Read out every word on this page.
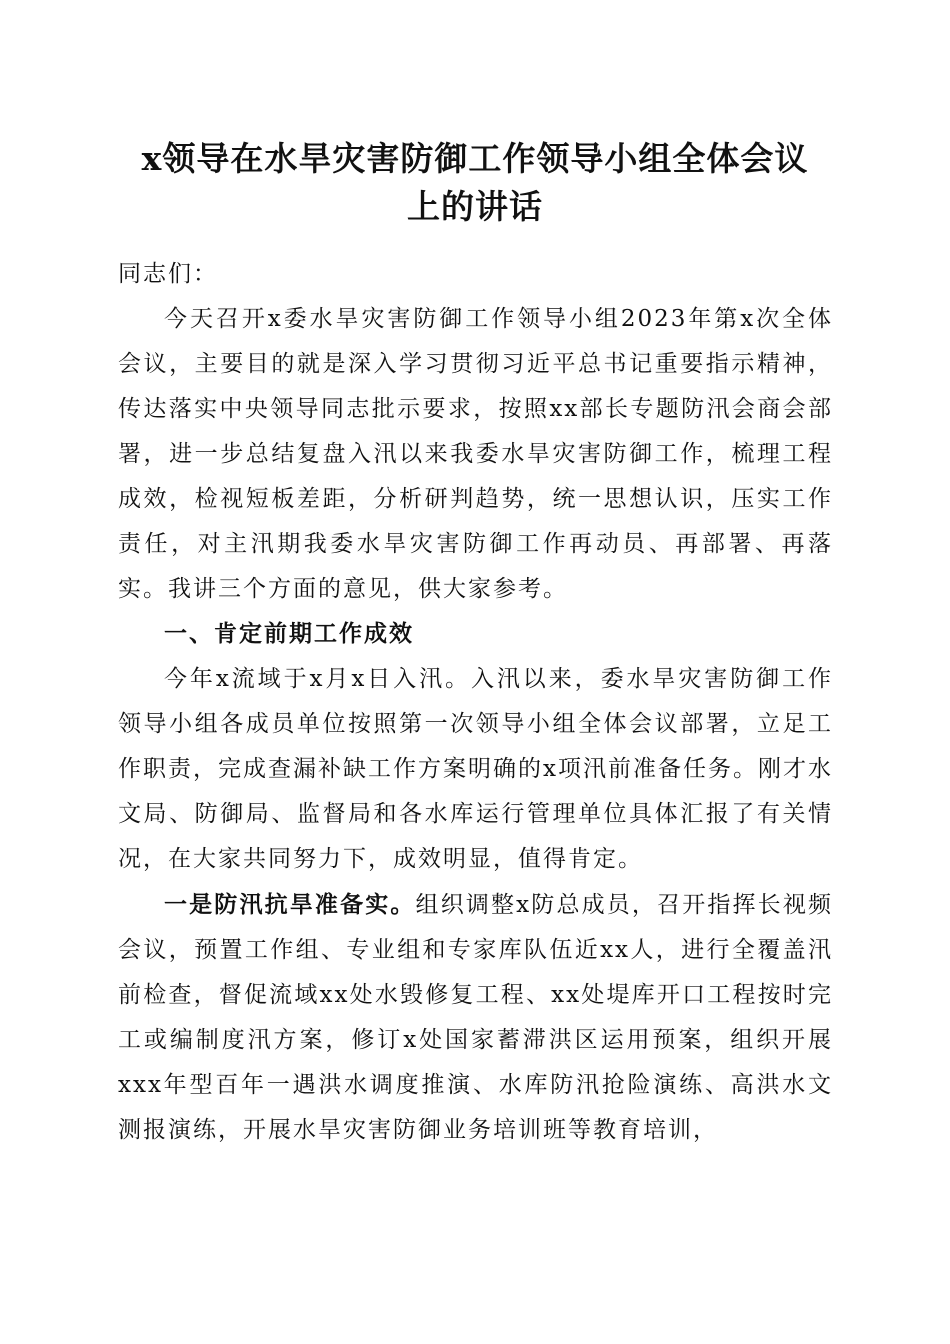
x领导在水旱灾害防御工作领导小组全体会议
上的讲话

同志们：

今天召开x委水旱灾害防御工作领导小组2023年第x次全体会议，主要目的就是深入学习贯彻习近平总书记重要指示精神，传达落实中央领导同志批示要求，按照xx部长专题防汛会商会部署，进一步总结复盘入汛以来我委水旱灾害防御工作，梳理工程成效，检视短板差距，分析研判趋势，统一思想认识，压实工作责任，对主汛期我委水旱灾害防御工作再动员、再部署、再落实。我讲三个方面的意见，供大家参考。

一、肯定前期工作成效

今年x流域于x月x日入汛。入汛以来，委水旱灾害防御工作领导小组各成员单位按照第一次领导小组全体会议部署，立足工作职责，完成查漏补缺工作方案明确的x项汛前准备任务。刚才水文局、防御局、监督局和各水库运行管理单位具体汇报了有关情况，在大家共同努力下，成效明显，值得肯定。

一是防汛抗旱准备实。组织调整x防总成员，召开指挥长视频会议，预置工作组、专业组和专家库队伍近xx人，进行全覆盖汛前检查，督促流域xx处水毁修复工程、xx处堤库开口工程按时完工或编制度汛方案，修订x处国家蓄滞洪区运用预案，组织开展xxx年型百年一遇洪水调度推演、水库防汛抢险演练、高洪水文测报演练，开展水旱灾害防御业务培训班等教育培训，
